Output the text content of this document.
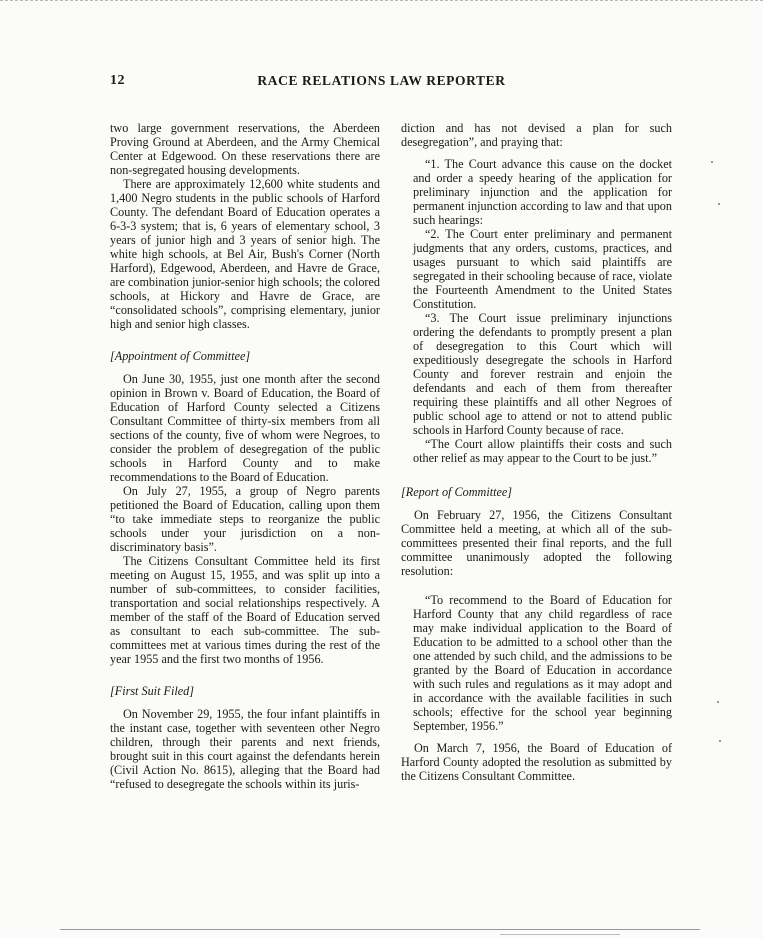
12	RACE RELATIONS LAW REPORTER

two large government reservations, the Aberdeen Proving Ground at Aberdeen, and the Army Chemical Center at Edgewood. On these reservations there are non-segregated housing developments.

There are approximately 12,600 white students and 1,400 Negro students in the public schools of Harford County. The defendant Board of Education operates a 6-3-3 system; that is, 6 years of elementary school, 3 years of junior high and 3 years of senior high. The white high schools, at Bel Air, Bush's Corner (North Harford), Edgewood, Aberdeen, and Havre de Grace, are combination junior-senior high schools; the colored schools, at Hickory and Havre de Grace, are “consolidated schools”, comprising elementary, junior high and senior high classes.

[Appointment of Committee]

On June 30, 1955, just one month after the second opinion in Brown v. Board of Education, the Board of Education of Harford County selected a Citizens Consultant Committee of thirty-six members from all sections of the county, five of whom were Negroes, to consider the problem of desegregation of the public schools in Harford County and to make recommendations to the Board of Education.

On July 27, 1955, a group of Negro parents petitioned the Board of Education, calling upon them “to take immediate steps to reorganize the public schools under your jurisdiction on a non-discriminatory basis”.

The Citizens Consultant Committee held its first meeting on August 15, 1955, and was split up into a number of sub-committees, to consider facilities, transportation and social relationships respectively. A member of the staff of the Board of Education served as consultant to each sub-committee. The sub-committees met at various times during the rest of the year 1955 and the first two months of 1956.

[First Suit Filed]

On November 29, 1955, the four infant plaintiffs in the instant case, together with seventeen other Negro children, through their parents and next friends, brought suit in this court against the defendants herein (Civil Action No. 8615), alleging that the Board had “refused to desegregate the schools within its juris-

diction and has not devised a plan for such desegregation”, and praying that:

“1. The Court advance this cause on the docket and order a speedy hearing of the application for preliminary injunction and the application for permanent injunction according to law and that upon such hearings:

“2. The Court enter preliminary and permanent judgments that any orders, customs, practices, and usages pursuant to which said plaintiffs are segregated in their schooling because of race, violate the Fourteenth Amendment to the United States Constitution.

“3. The Court issue preliminary injunctions ordering the defendants to promptly present a plan of desegregation to this Court which will expeditiously desegregate the schools in Harford County and forever restrain and enjoin the defendants and each of them from thereafter requiring these plaintiffs and all other Negroes of public school age to attend or not to attend public schools in Harford County because of race.

“The Court allow plaintiffs their costs and such other relief as may appear to the Court to be just.”

[Report of Committee]

On February 27, 1956, the Citizens Consultant Committee held a meeting, at which all of the sub-committees presented their final reports, and the full committee unanimously adopted the following resolution:

“To recommend to the Board of Education for Harford County that any child regardless of race may make individual application to the Board of Education to be admitted to a school other than the one attended by such child, and the admissions to be granted by the Board of Education in accordance with such rules and regulations as it may adopt and in accordance with the available facilities in such schools; effective for the school year beginning September, 1956.”

On March 7, 1956, the Board of Education of Harford County adopted the resolution as submitted by the Citizens Consultant Committee.
